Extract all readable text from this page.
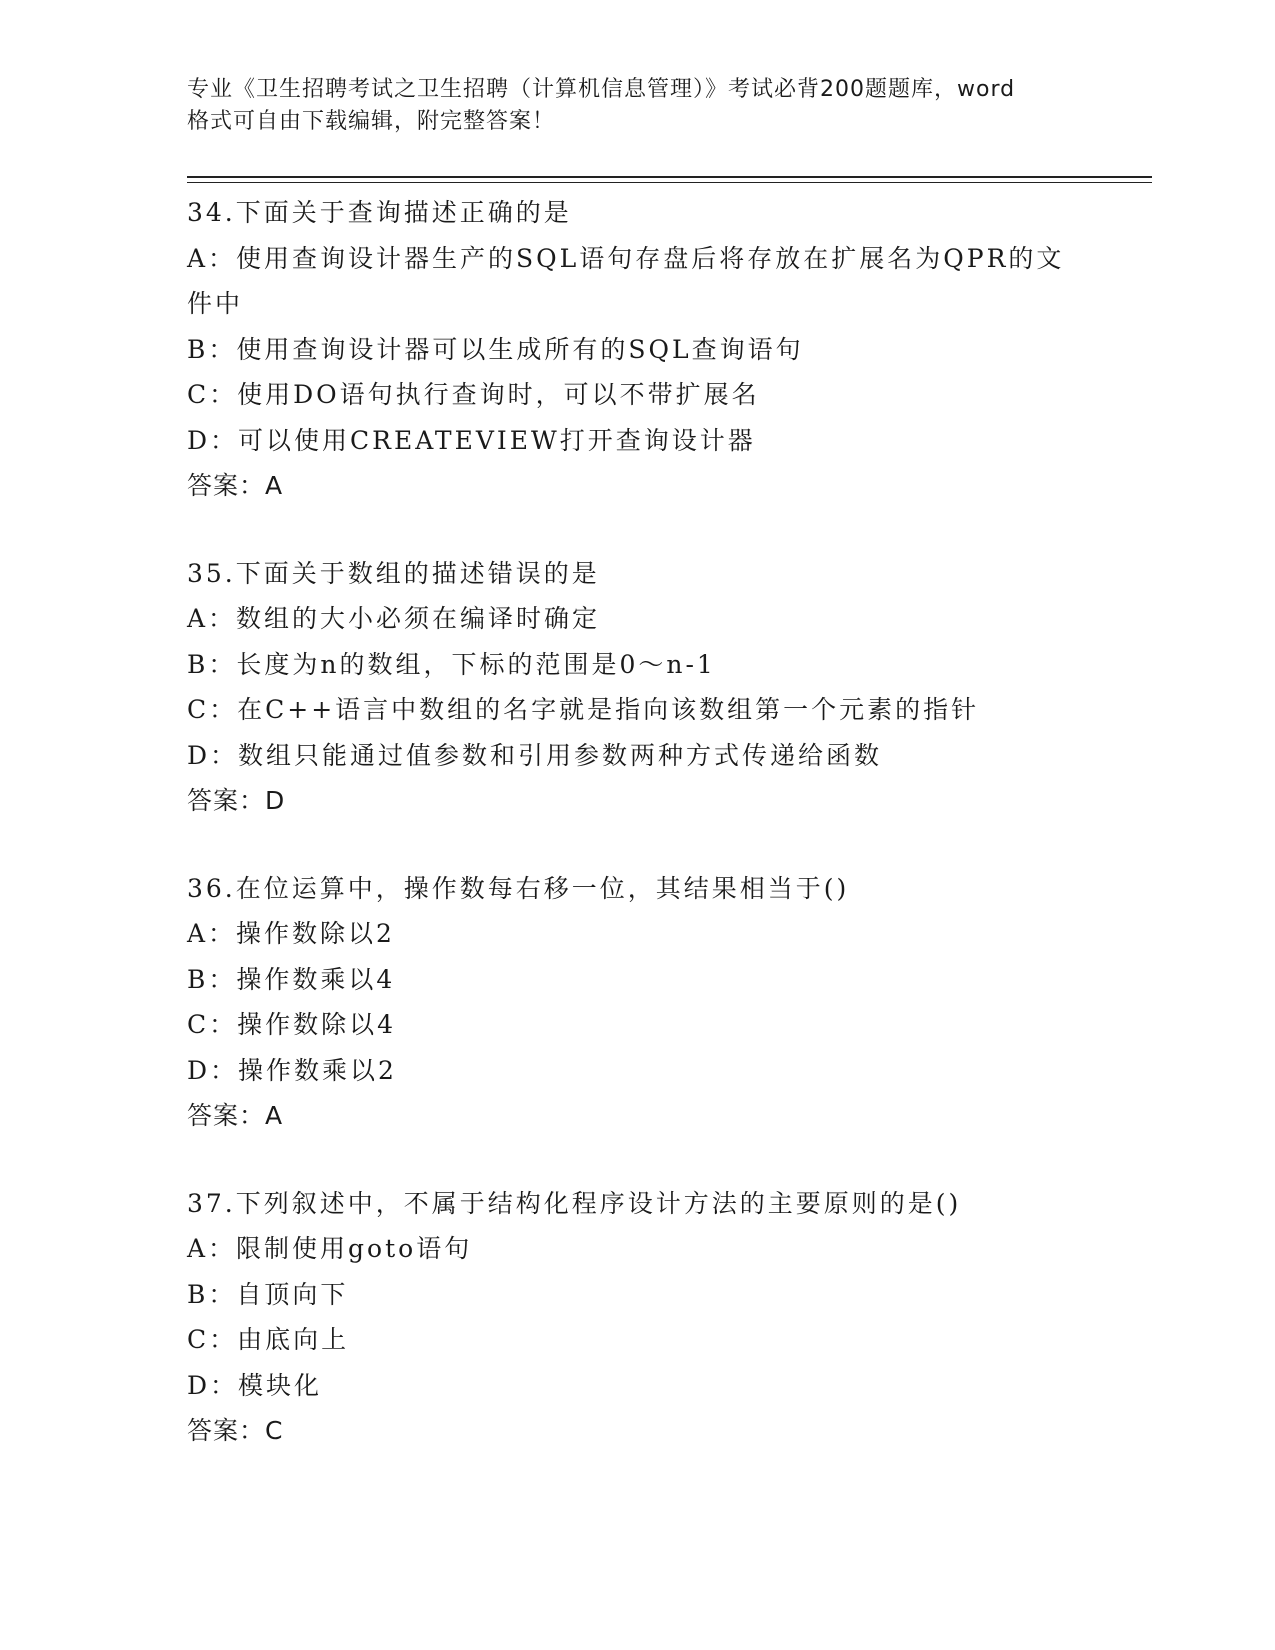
专业《卫生招聘考试之卫生招聘（计算机信息管理）》考试必背200题题库，word
格式可自由下载编辑，附完整答案！
34.下面关于查询描述正确的是
A：使用查询设计器生产的SQL语句存盘后将存放在扩展名为QPR的文
件中
B：使用查询设计器可以生成所有的SQL查询语句
C：使用DO语句执行查询时，可以不带扩展名
D：可以使用CREATEVIEW打开查询设计器
答案：A
35.下面关于数组的描述错误的是
A：数组的大小必须在编译时确定
B：长度为n的数组，下标的范围是0～n-1
C：在C++语言中数组的名字就是指向该数组第一个元素的指针
D：数组只能通过值参数和引用参数两种方式传递给函数
答案：D
36.在位运算中，操作数每右移一位，其结果相当于()
A：操作数除以2
B：操作数乘以4
C：操作数除以4
D：操作数乘以2
答案：A
37.下列叙述中，不属于结构化程序设计方法的主要原则的是()
A：限制使用goto语句
B：自顶向下
C：由底向上
D：模块化
答案：C
